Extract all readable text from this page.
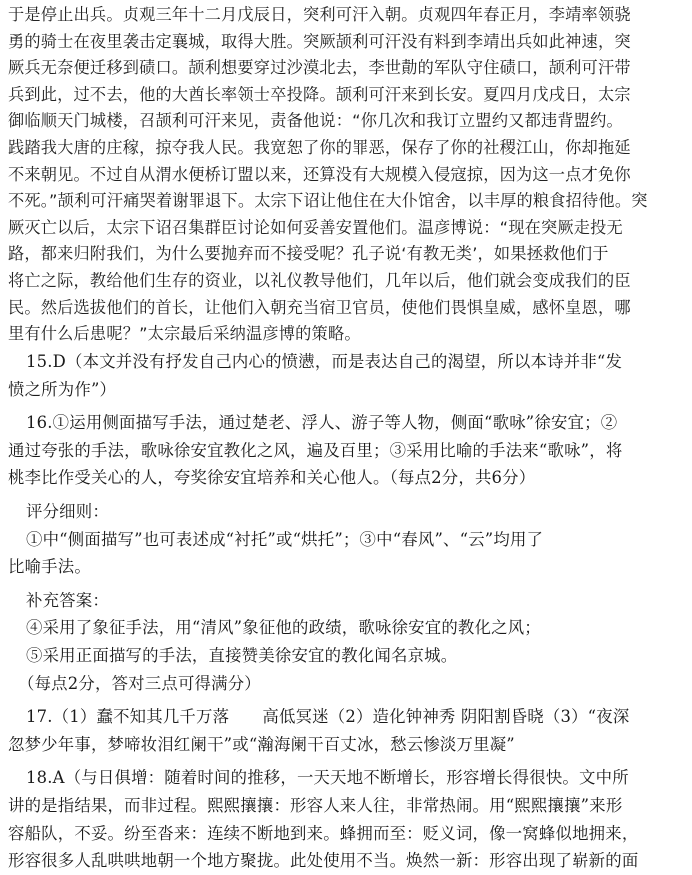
于是停止出兵。贞观三年十二月戊辰日，突利可汗入朝。贞观四年春正月，李靖率领骁
勇的骑士在夜里袭击定襄城，取得大胜。突厥颉利可汗没有料到李靖出兵如此神速，突
厥兵无奈便迁移到碛口。颉利想要穿过沙漠北去，李世勣的军队守住碛口，颉利可汗带
兵到此，过不去，他的大酋长率领士卒投降。颉利可汗来到长安。夏四月戊戌日，太宗
御临顺天门城楼，召颉利可汗来见，责备他说：“你几次和我订立盟约又都违背盟约。
践踏我大唐的庄稼，掠夺我人民。我宽恕了你的罪恶，保存了你的社稷江山，你却拖延
不来朝见。不过自从渭水便桥订盟以来，还算没有大规模入侵寇掠，因为这一点才免你
不死。”颉利可汗痛哭着谢罪退下。太宗下诏让他住在大仆馆舍，以丰厚的粮食招待他。突
厥灭亡以后，太宗下诏召集群臣讨论如何妥善安置他们。温彦博说：“现在突厥走投无
路，都来归附我们，为什么要抛弃而不接受呢？孔子说‘有教无类’，如果拯救他们于
将亡之际，教给他们生存的资业，以礼仪教导他们，几年以后，他们就会变成我们的臣
民。然后选拔他们的首长，让他们入朝充当宿卫官员，使他们畏惧皇威，感怀皇恩，哪
里有什么后患呢？”太宗最后采纳温彦博的策略。
15.D（本文并没有抒发自己内心的愤懑，而是表达自己的渴望，所以本诗并非“发
愤之所为作”）
16.①运用侧面描写手法，通过楚老、浮人、游子等人物，侧面“歌咏”徐安宜；②
通过夸张的手法，歌咏徐安宜教化之风，遍及百里；③采用比喻的手法来“歌咏”，将
桃李比作受关心的人，夸奖徐安宜培养和关心他人。（每点2分，共6分）
评分细则：
①中“侧面描写”也可表述成“衬托”或“烘托”；③中“春风”、“云”均用了
比喻手法。
补充答案：
④采用了象征手法，用“清风”象征他的政绩，歌咏徐安宜的教化之风；
⑤采用正面描写的手法，直接赞美徐安宜的教化闻名京城。
（每点2分，答对三点可得满分）
17.（1）蠢不知其几千万落　　高低冥迷（2）造化钟神秀 阴阳割昏晓（3）“夜深
忽梦少年事，梦啼妆泪红阑干”或“瀚海阑干百丈冰，愁云惨淡万里凝”
18.A（与日俱增：随着时间的推移，一天天地不断增长，形容增长得很快。文中所
讲的是指结果，而非过程。熙熙攘攘：形容人来人往，非常热闹。用“熙熙攘攘”来形
容船队，不妥。纷至沓来：连续不断地到来。蜂拥而至：贬义词，像一窝蜂似地拥来，
形容很多人乱哄哄地朝一个地方聚拢。此处使用不当。焕然一新：形容出现了崭新的面
